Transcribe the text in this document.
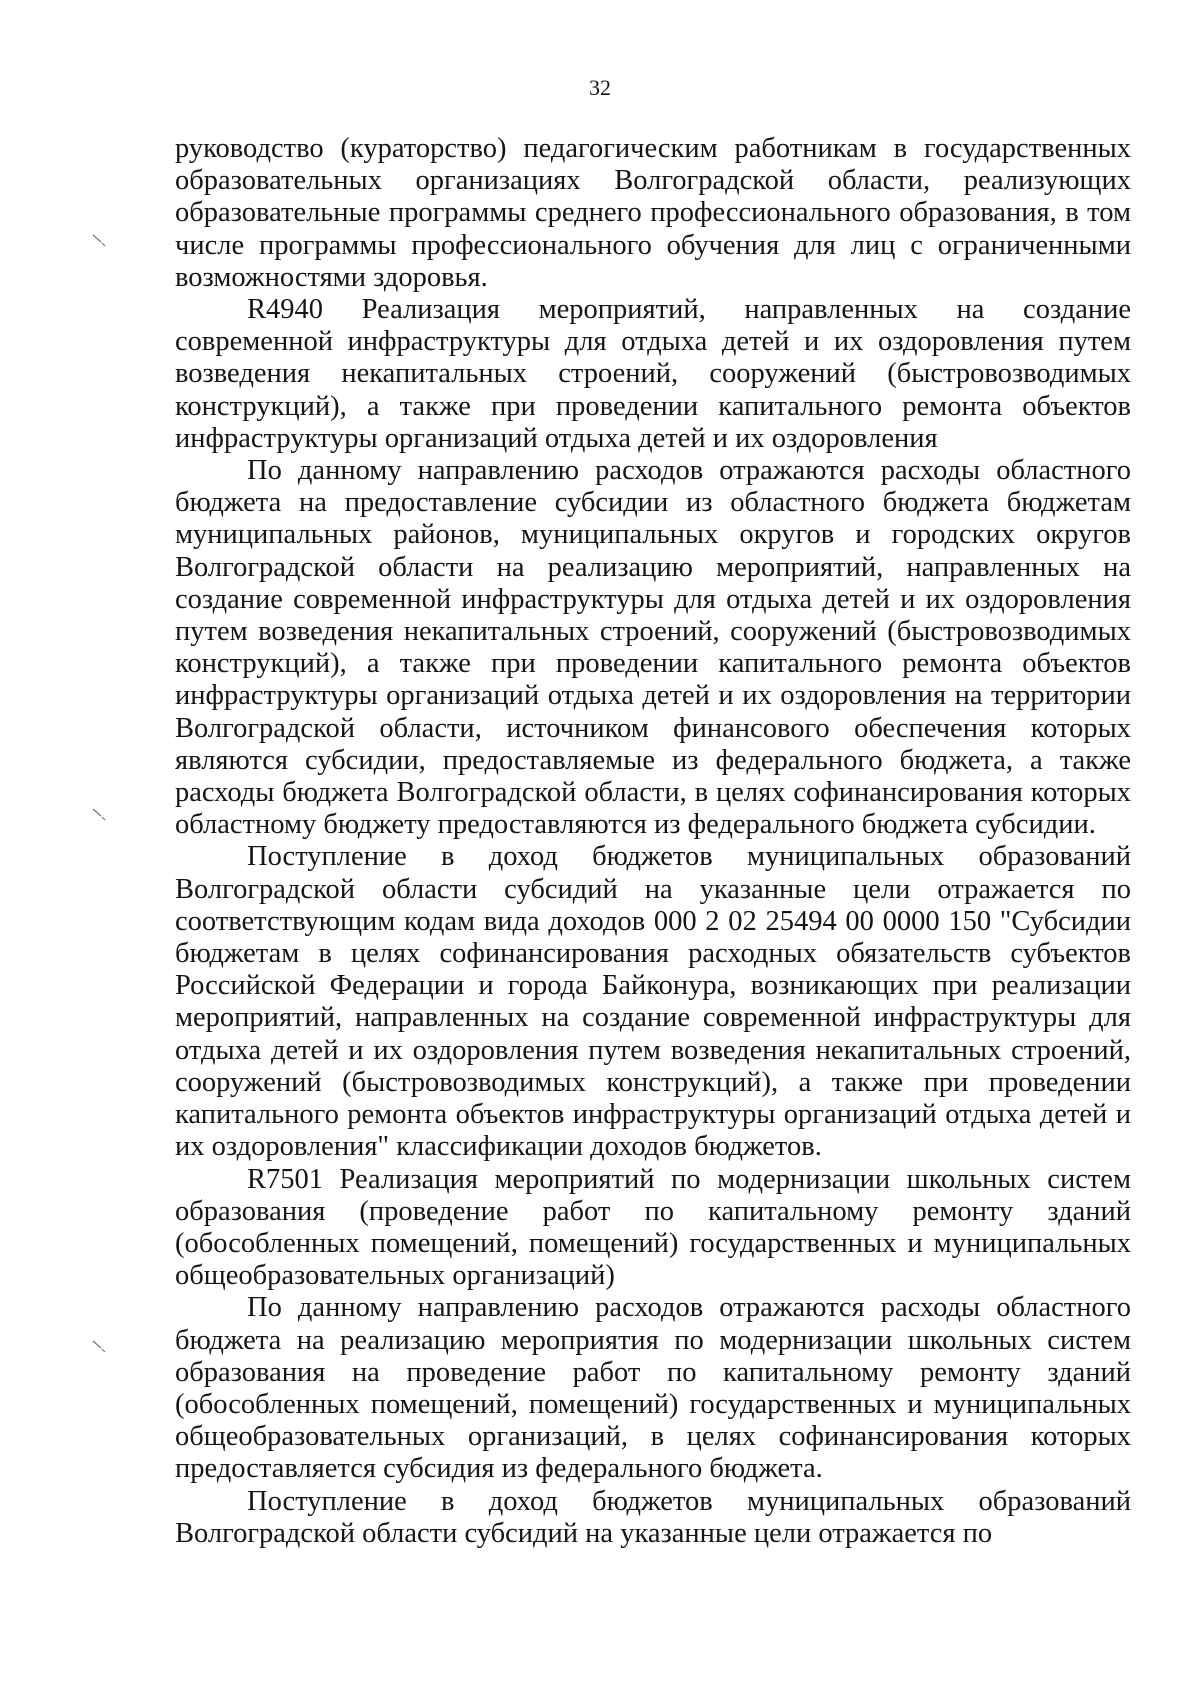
32

руководство (кураторство) педагогическим работникам в государственных образовательных организациях Волгоградской области, реализующих образовательные программы среднего профессионального образования, в том числе программы профессионального обучения для лиц с ограниченными возможностями здоровья.

R4940 Реализация мероприятий, направленных на создание современной инфраструктуры для отдыха детей и их оздоровления путем возведения некапитальных строений, сооружений (быстровозводимых конструкций), а также при проведении капитального ремонта объектов инфраструктуры организаций отдыха детей и их оздоровления

По данному направлению расходов отражаются расходы областного бюджета на предоставление субсидии из областного бюджета бюджетам муниципальных районов, муниципальных округов и городских округов Волгоградской области на реализацию мероприятий, направленных на создание современной инфраструктуры для отдыха детей и их оздоровления путем возведения некапитальных строений, сооружений (быстровозводимых конструкций), а также при проведении капитального ремонта объектов инфраструктуры организаций отдыха детей и их оздоровления на территории Волгоградской области, источником финансового обеспечения которых являются субсидии, предоставляемые из федерального бюджета, а также расходы бюджета Волгоградской области, в целях софинансирования которых областному бюджету предоставляются из федерального бюджета субсидии.

Поступление в доход бюджетов муниципальных образований Волгоградской области субсидий на указанные цели отражается по соответствующим кодам вида доходов 000 2 02 25494 00 0000 150 "Субсидии бюджетам в целях софинансирования расходных обязательств субъектов Российской Федерации и города Байконура, возникающих при реализации мероприятий, направленных на создание современной инфраструктуры для отдыха детей и их оздоровления путем возведения некапитальных строений, сооружений (быстровозводимых конструкций), а также при проведении капитального ремонта объектов инфраструктуры организаций отдыха детей и их оздоровления" классификации доходов бюджетов.

R7501 Реализация мероприятий по модернизации школьных систем образования (проведение работ по капитальному ремонту зданий (обособленных помещений, помещений) государственных и муниципальных общеобразовательных организаций)

По данному направлению расходов отражаются расходы областного бюджета на реализацию мероприятия по модернизации школьных систем образования на проведение работ по капитальному ремонту зданий (обособленных помещений, помещений) государственных и муниципальных общеобразовательных организаций, в целях софинансирования которых предоставляется субсидия из федерального бюджета.

Поступление в доход бюджетов муниципальных образований Волгоградской области субсидий на указанные цели отражается по
